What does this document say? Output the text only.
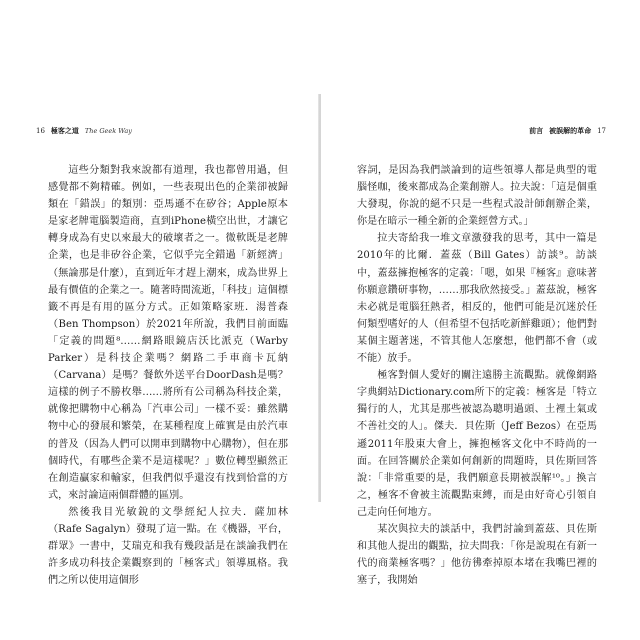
16 極客之道 The Geek Way

這些分類對我來說都有道理，我也都曾用過，但感覺都不夠精確。例如，一些表現出色的企業卻被歸類在「錯誤」的類別：亞馬遜不在矽谷；Apple原本是家老牌電腦製造商，直到iPhone橫空出世，才讓它轉身成為有史以來最大的破壞者之一。微軟既是老牌企業，也是非矽谷企業，它似乎完全錯過「新經濟」（無論那是什麼），直到近年才趕上潮來，成為世界上最有價值的企業之一。隨著時間流逝，「科技」這個標籤不再是有用的區分方式。正如策略家班．湯普森（Ben Thompson）於2021年所說，我們目前面臨「定義的問題⁸……網路眼鏡店沃比派克（Warby Parker）是科技企業嗎？網路二手車商卡瓦納（Carvana）是嗎？餐飲外送平台DoorDash是嗎？這樣的例子不勝枚舉……將所有公司稱為科技企業，就像把購物中心稱為「汽車公司」一樣不妥：雖然購物中心的發展和繁榮，在某種程度上確實是由於汽車的普及（因為人們可以開車到購物中心購物），但在那個時代，有哪些企業不是這樣呢？」數位轉型顯然正在創造贏家和輸家，但我們似乎還沒有找到恰當的方式，來討論這兩個群體的區別。

然後我目光敏銳的文學經紀人拉夫．薩加林（Rafe Sagalyn）發現了這一點。在《機器，平台，群眾》一書中，艾瑞克和我有幾段話是在談論我們在許多成功科技企業觀察到的「極客式」領導風格。我們之所以使用這個形

前言 被誤解的革命 17

容詞，是因為我們談論到的這些領導人都是典型的電腦怪咖，後來都成為企業創辦人。拉夫說：「這是個重大發現，你說的絕不只是一些程式設計師創辦企業，你是在暗示一種全新的企業經營方式。」

拉夫寄給我一堆文章激發我的思考，其中一篇是2010年的比爾．蓋茲（Bill Gates）訪談⁹。訪談中，蓋茲擁抱極客的定義：「嗯，如果『極客』意味著你願意鑽研事物，……那我欣然接受。」蓋茲說，極客未必就是電腦狂熱者，相反的，他們可能是沉迷於任何類型嗜好的人（但希望不包括吃新鮮雞頭）；他們對某個主題著迷，不管其他人怎麼想，他們都不會（或不能）放手。

極客對個人愛好的關注遠勝主流觀點。就像網路字典網站Dictionary.com所下的定義：極客是「特立獨行的人，尤其是那些被認為聰明過頭、土裡土氣或不善社交的人」。傑夫．貝佐斯（Jeff Bezos）在亞馬遜2011年股東大會上，擁抱極客文化中不時尚的一面。在回答關於企業如何創新的問題時，貝佐斯回答說：「非常重要的是，我們願意長期被誤解¹⁰。」換言之，極客不會被主流觀點束縛，而是由好奇心引領自己走向任何地方。

某次與拉夫的談話中，我們討論到蓋茲、貝佐斯和其他人提出的觀點，拉夫問我：「你是說現在有新一代的商業極客嗎？」他彷彿牽掉原本堵在我嘴巴裡的塞子，我開始
